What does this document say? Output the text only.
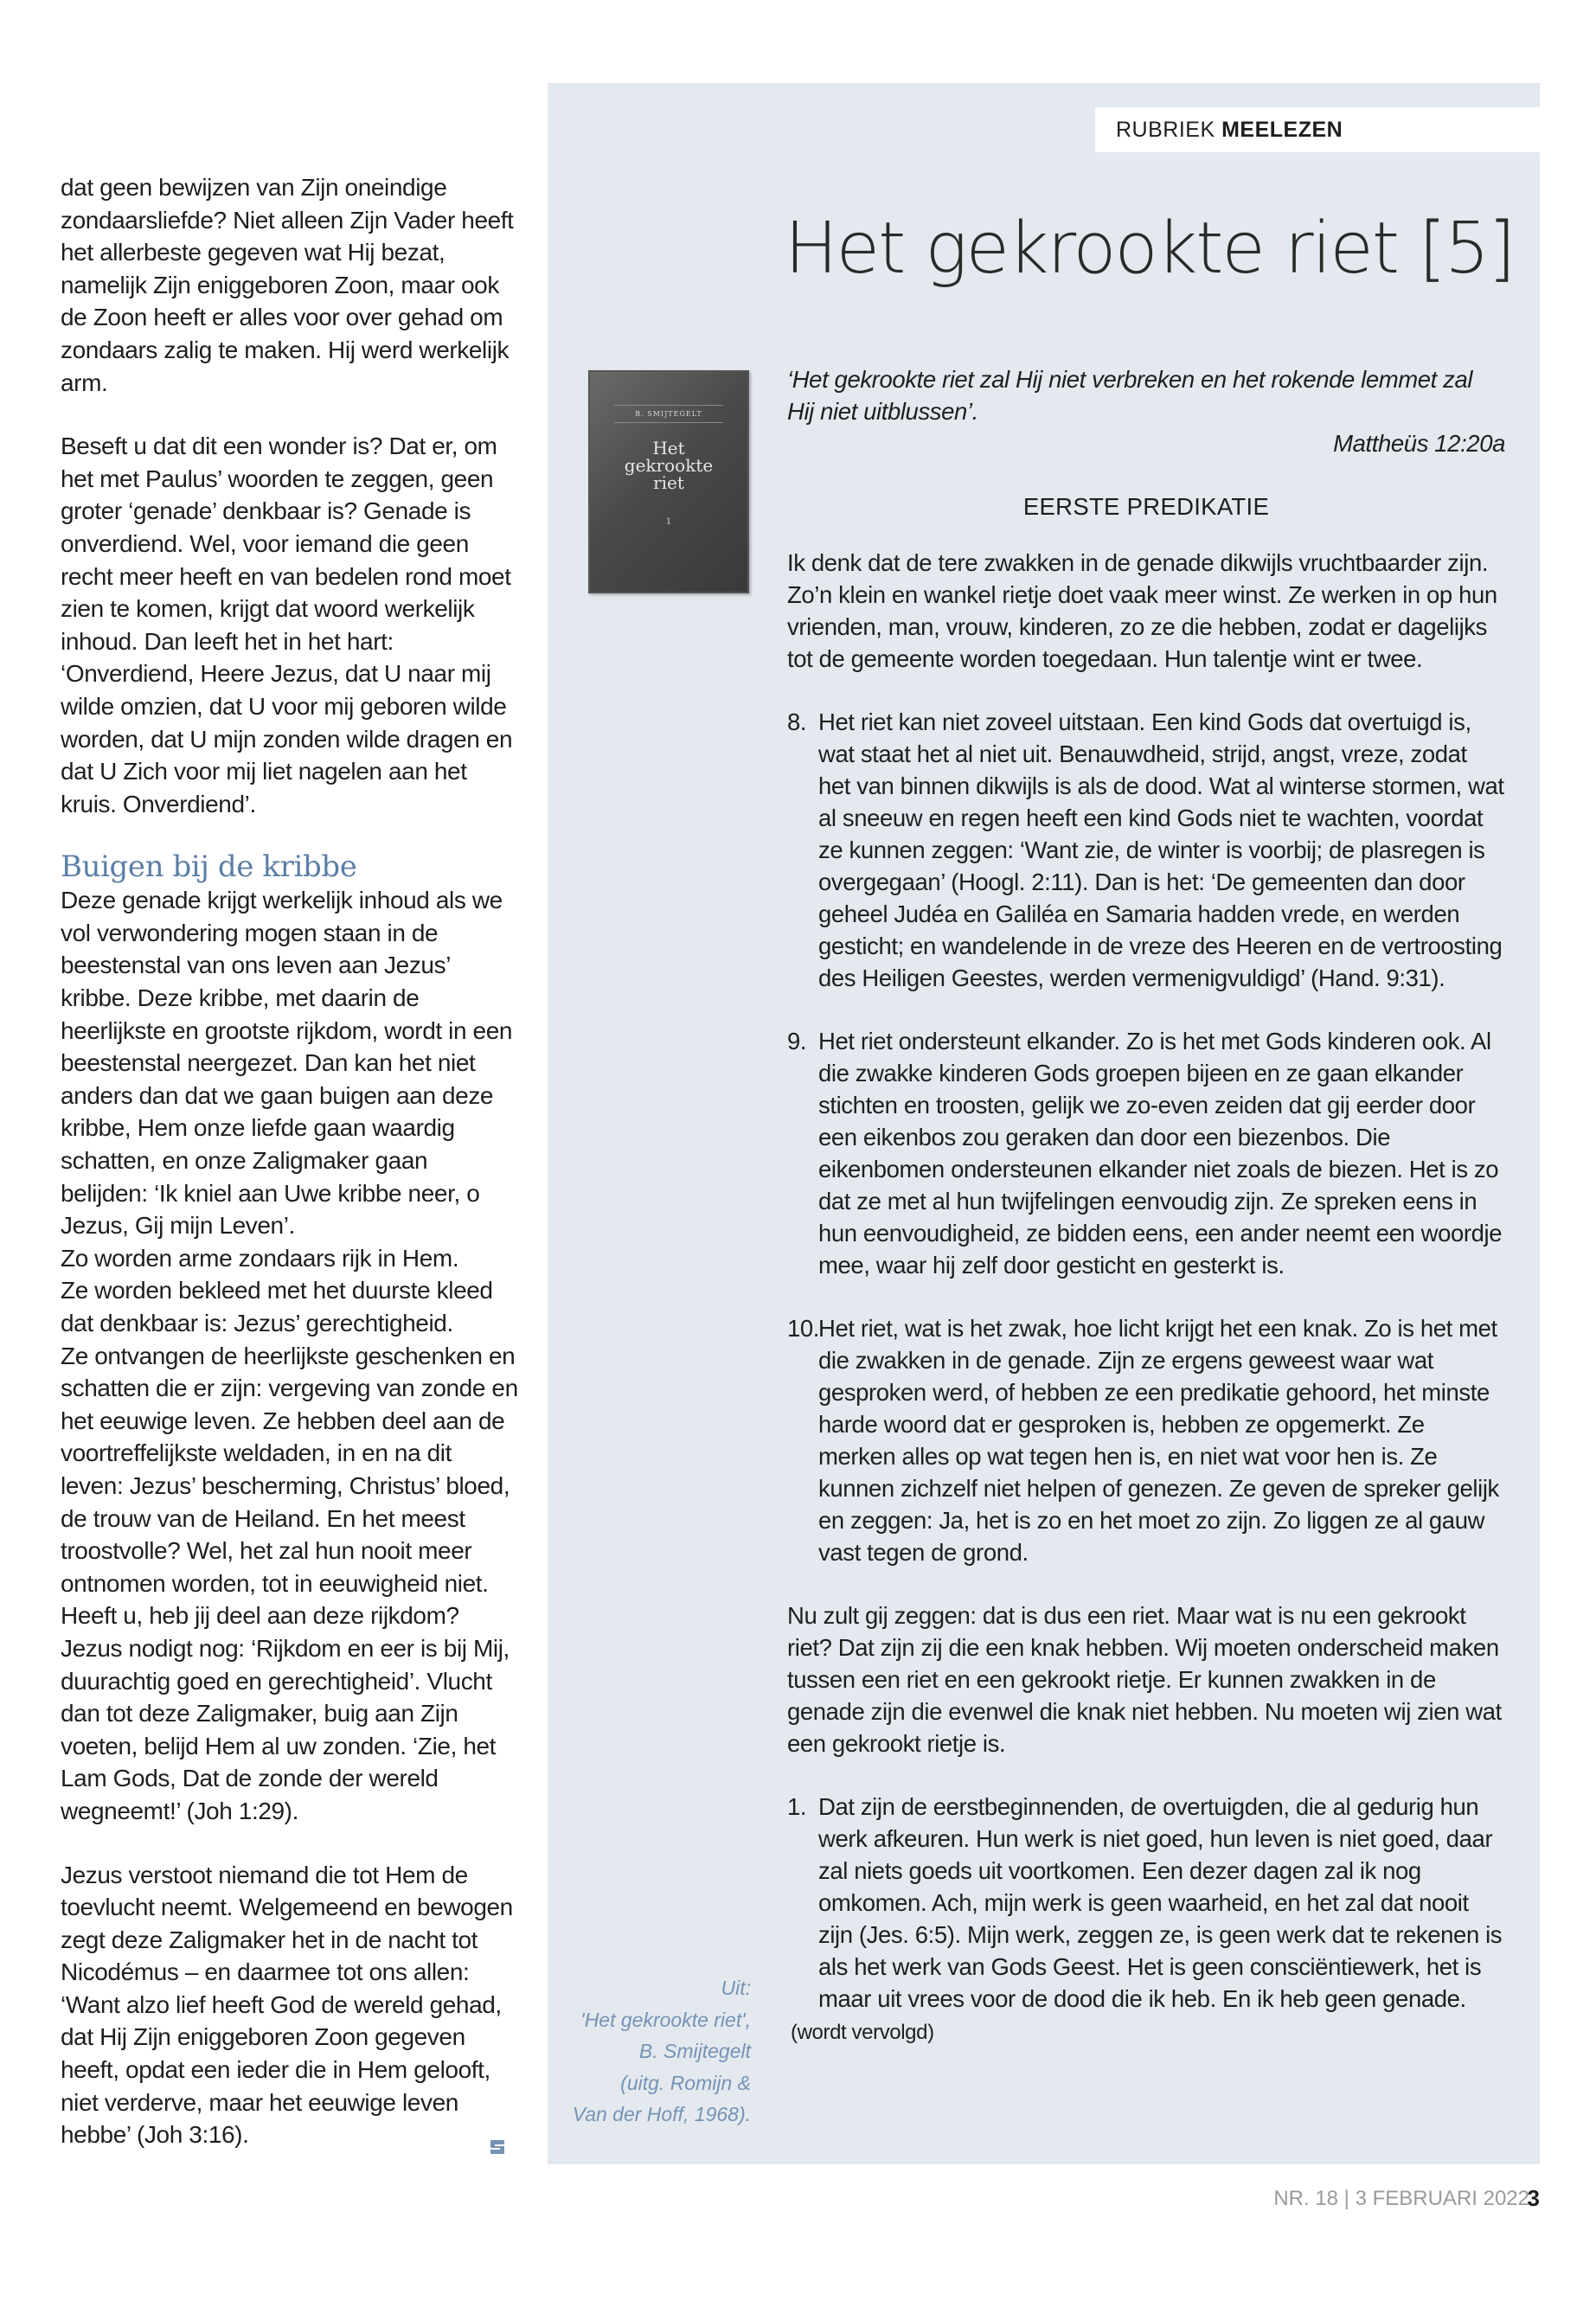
dat geen bewijzen van Zijn oneindige zondaarsliefde? Niet alleen Zijn Vader heeft het allerbeste gegeven wat Hij bezat, namelijk Zijn eniggeboren Zoon, maar ook de Zoon heeft er alles voor over gehad om zondaars zalig te maken. Hij werd werkelijk arm.

Beseft u dat dit een wonder is? Dat er, om het met Paulus’ woorden te zeggen, geen groter ‘genade’ denkbaar is? Genade is onverdiend. Wel, voor iemand die geen recht meer heeft en van bedelen rond moet zien te komen, krijgt dat woord werkelijk inhoud. Dan leeft het in het hart: ‘Onverdiend, Heere Jezus, dat U naar mij wilde omzien, dat U voor mij geboren wilde worden, dat U mijn zonden wilde dragen en dat U Zich voor mij liet nagelen aan het kruis. Onverdiend’.

Buigen bij de kribbe

Deze genade krijgt werkelijk inhoud als we vol verwondering mogen staan in de beestenstal van ons leven aan Jezus’ kribbe. Deze kribbe, met daarin de heerlijkste en grootste rijkdom, wordt in een beestenstal neergezet. Dan kan het niet anders dan dat we gaan buigen aan deze kribbe, Hem onze liefde gaan waardig schatten, en onze Zaligmaker gaan belijden: ‘Ik kniel aan Uwe kribbe neer, o Jezus, Gij mijn Leven’.

Zo worden arme zondaars rijk in Hem.

Ze worden bekleed met het duurste kleed dat denkbaar is: Jezus’ gerechtigheid.

Ze ontvangen de heerlijkste geschenken en schatten die er zijn: vergeving van zonde en het eeuwige leven. Ze hebben deel aan de voortreffelijkste weldaden, in en na dit leven: Jezus’ bescherming, Christus’ bloed, de trouw van de Heiland. En het meest troostvolle? Wel, het zal hun nooit meer ontnomen worden, tot in eeuwigheid niet.

Heeft u, heb jij deel aan deze rijkdom? Jezus nodigt nog: ‘Rijkdom en eer is bij Mij, duurachtig goed en gerechtigheid’. Vlucht dan tot deze Zaligmaker, buig aan Zijn voeten, belijd Hem al uw zonden. ‘Zie, het Lam Gods, Dat de zonde der wereld wegneemt!’ (Joh 1:29).

Jezus verstoot niemand die tot Hem de toevlucht neemt. Welgemeend en bewogen zegt deze Zaligmaker het in de nacht tot Nicodémus – en daarmee tot ons allen: ‘Want alzo lief heeft God de wereld gehad, dat Hij Zijn eniggeboren Zoon gegeven heeft, opdat een ieder die in Hem gelooft, niet verderve, maar het eeuwige leven hebbe’ (Joh 3:16).

RUBRIEK MEELEZEN
Het gekrookte riet [5]
B. SMIJTEGELT
Het
gekrookte
riet
1
Uit:
'Het gekrookte riet',
B. Smijtegelt
(uitg. Romijn &
Van der Hoff, 1968).

‘Het gekrookte riet zal Hij niet verbreken en het rokende lemmet zal Hij niet uitblussen’.

Mattheüs 12:20a

EERSTE PREDIKATIE

Ik denk dat de tere zwakken in de genade dikwijls vruchtbaarder zijn. Zo’n klein en wankel rietje doet vaak meer winst. Ze werken in op hun vrienden, man, vrouw, kinderen, zo ze die hebben, zodat er dagelijks tot de gemeente worden toegedaan. Hun talentje wint er twee.

8. Het riet kan niet zoveel uitstaan. Een kind Gods dat overtuigd is, wat staat het al niet uit. Benauwdheid, strijd, angst, vreze, zodat het van binnen dikwijls is als de dood. Wat al winterse stormen, wat al sneeuw en regen heeft een kind Gods niet te wachten, voordat ze kunnen zeggen: ‘Want zie, de winter is voorbij; de plasregen is overgegaan’ (Hoogl. 2:11). Dan is het: ‘De gemeenten dan door geheel Judéa en Galiléa en Samaria hadden vrede, en werden gesticht; en wandelende in de vreze des Heeren en de vertroosting des Heiligen Geestes, werden vermenigvuldigd’ (Hand. 9:31).
9. Het riet ondersteunt elkander. Zo is het met Gods kinderen ook. Al die zwakke kinderen Gods groepen bijeen en ze gaan elkander stichten en troosten, gelijk we zo-even zeiden dat gij eerder door een eikenbos zou geraken dan door een biezenbos. Die eikenbomen ondersteunen elkander niet zoals de biezen. Het is zo dat ze met al hun twijfelingen eenvoudig zijn. Ze spreken eens in hun eenvoudigheid, ze bidden eens, een ander neemt een woordje mee, waar hij zelf door gesticht en gesterkt is.
10.
Het riet, wat is het zwak, hoe licht krijgt het een knak. Zo is het met die zwakken in de genade. Zijn ze ergens geweest waar wat gesproken werd, of hebben ze een predikatie gehoord, het minste harde woord dat er gesproken is, hebben ze opgemerkt. Ze merken alles op wat tegen hen is, en niet wat voor hen is. Ze kunnen zichzelf niet helpen of genezen. Ze geven de spreker gelijk en zeggen: Ja, het is zo en het moet zo zijn. Zo liggen ze al gauw vast tegen de grond.

Nu zult gij zeggen: dat is dus een riet. Maar wat is nu een gekrookt riet? Dat zijn zij die een knak hebben. Wij moeten onderscheid maken tussen een riet en een gekrookt rietje. Er kunnen zwakken in de genade zijn die evenwel die knak niet hebben. Nu moeten wij zien wat een gekrookt rietje is.

1. Dat zijn de eerstbeginnenden, de overtuigden, die al gedurig hun werk afkeuren. Hun werk is niet goed, hun leven is niet goed, daar zal niets goeds uit voortkomen. Een dezer dagen zal ik nog omkomen. Ach, mijn werk is geen waarheid, en het zal dat nooit zijn (Jes. 6:5). Mijn werk, zeggen ze, is geen werk dat te rekenen is als het werk van Gods Geest. Het is geen consciëntiewerk, het is maar uit vrees voor de dood die ik heb. En ik heb geen genade.

(wordt vervolgd)

NR. 18 | 3 FEBRUARI 2022
3
